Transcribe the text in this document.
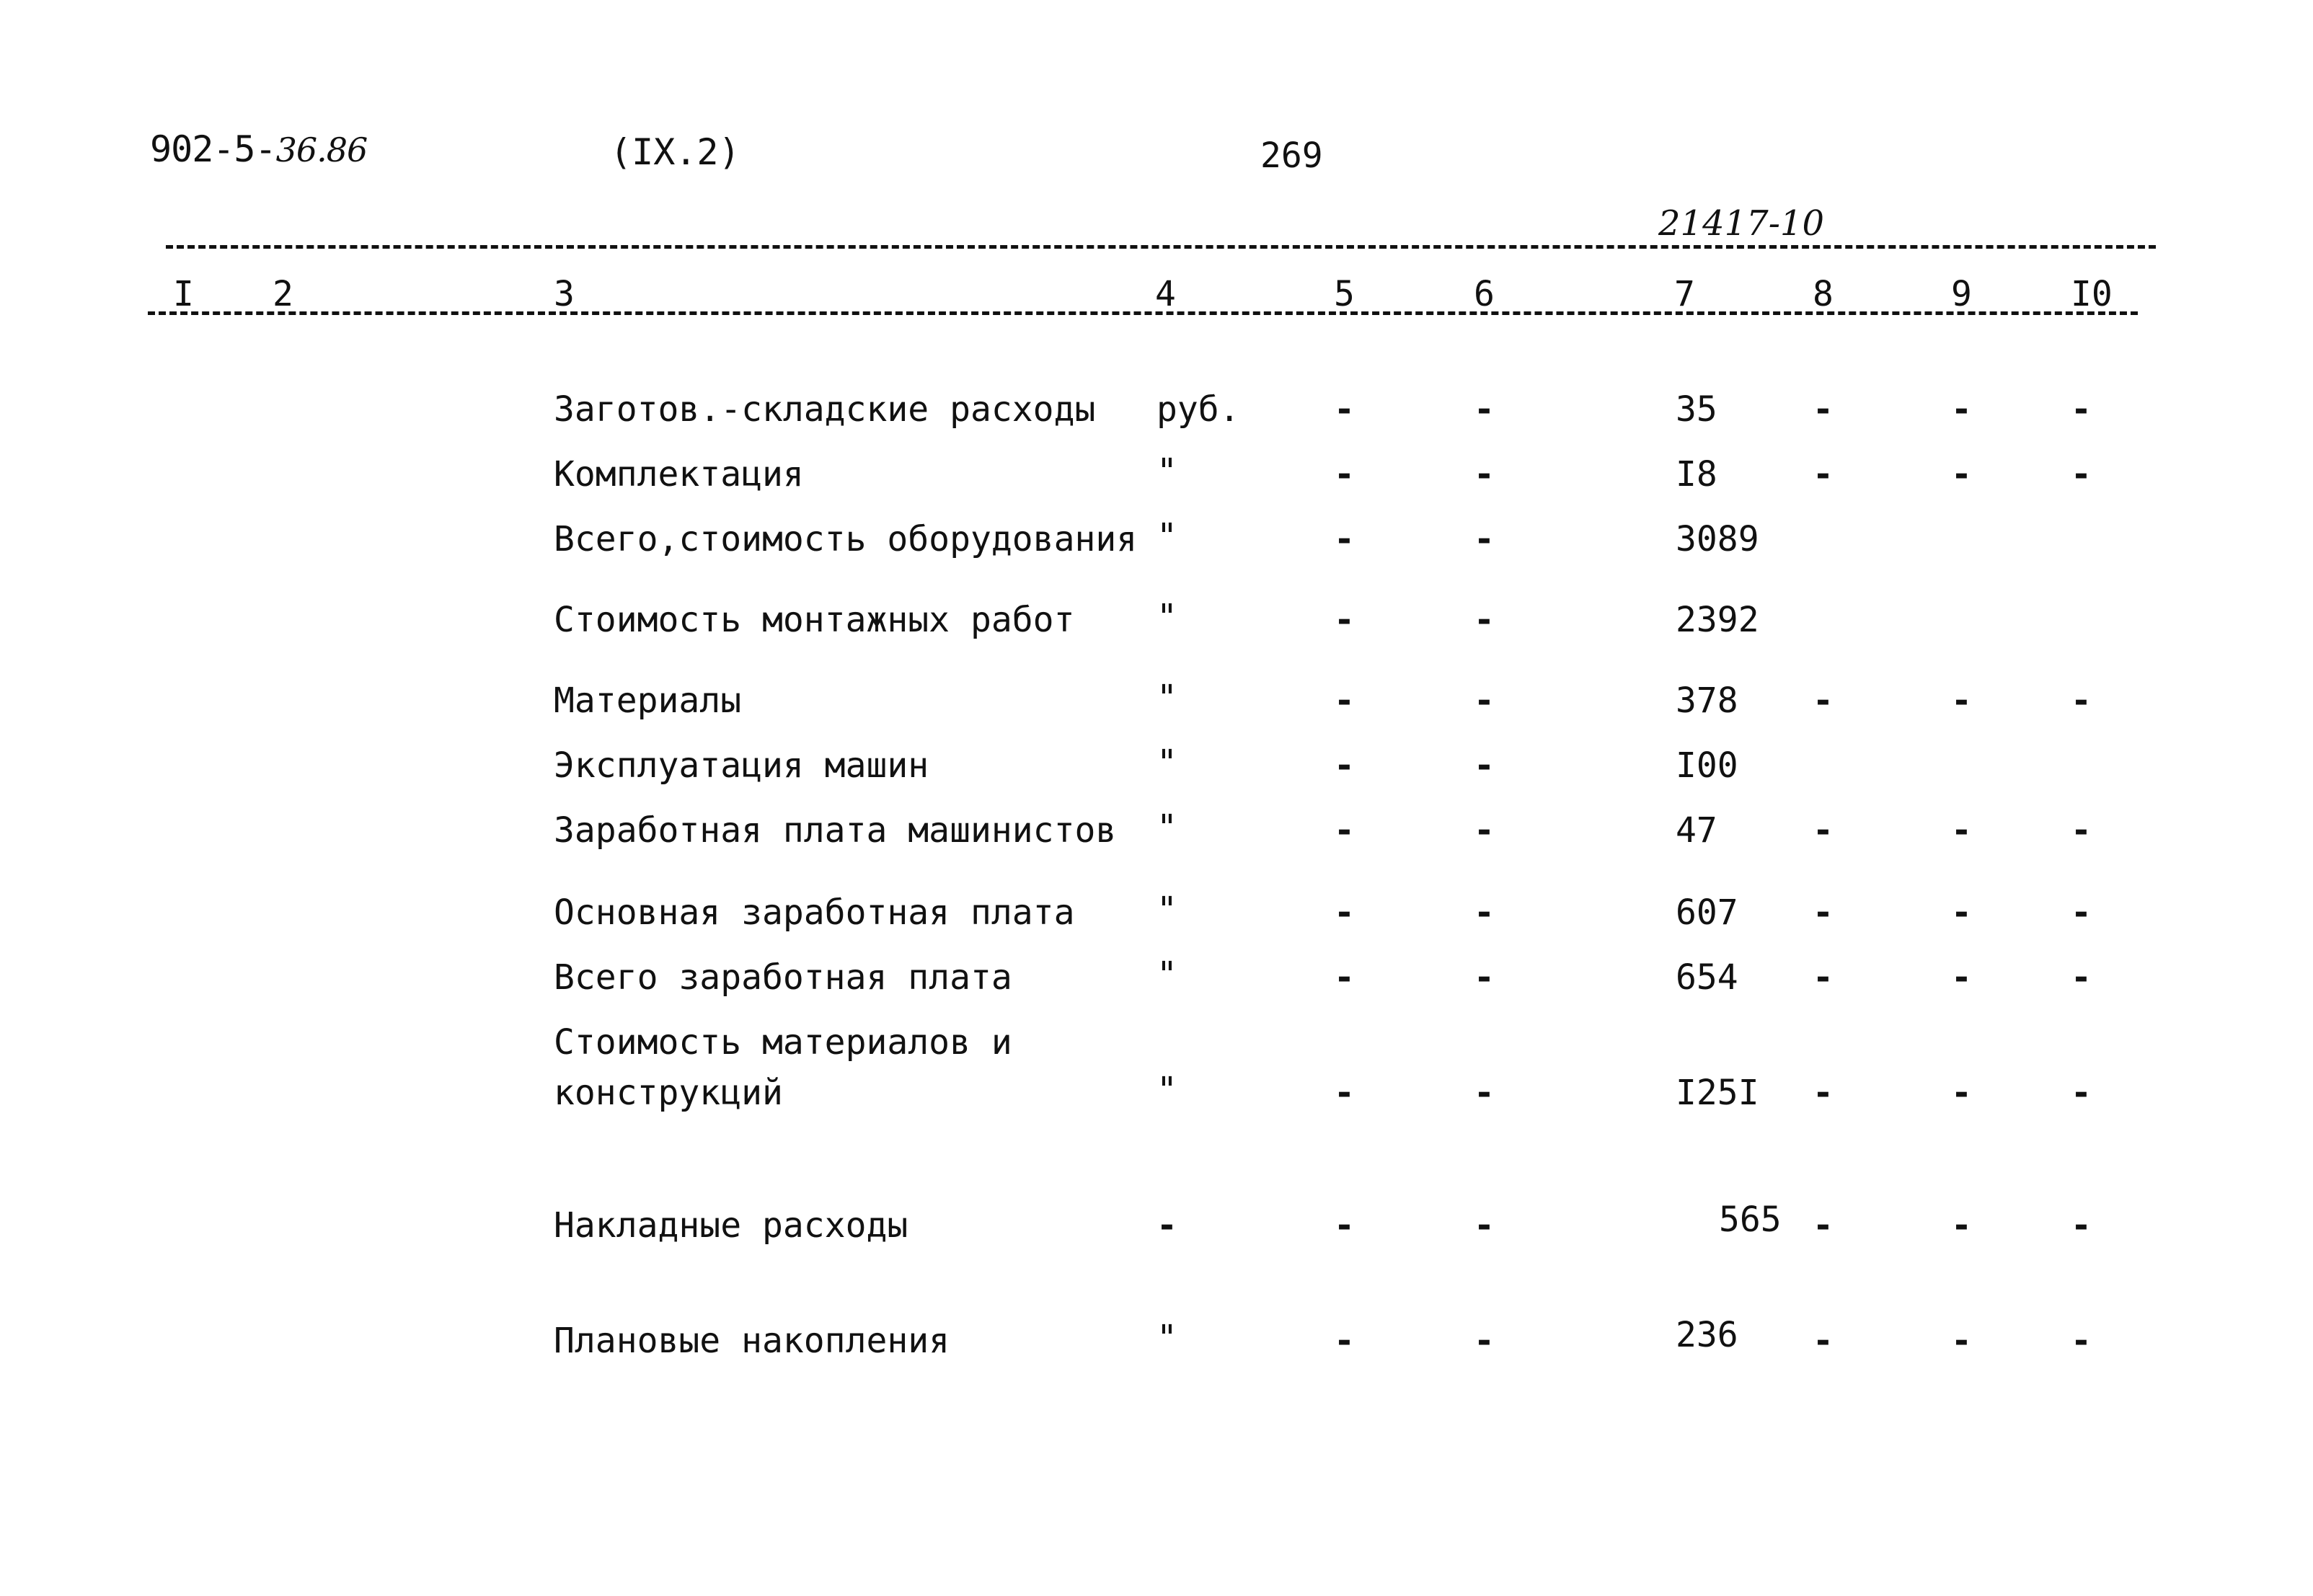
902-5-36.86	(IX.2)	269
21417-10
I 2	3	4	5	6	7	8	9	I0
Заготов.-складские расходы руб.	-	-	35	-	-	-
Комплектация	"	-	-	I8	-	-	-
Всего,стоимость оборудования "	-	-	3089
Стоимость монтажных работ "	-	-	2392
Материалы	"	-	-	378 -	-	-
Эксплуатация машин	"	-	-	I00
Заработная плата машинистов "	-	-	47	-	-	-
Основная заработная плата "	-	-	607 -	-	-
Всего заработная плата	"	-	-	654 -	-	-
Стоимость материалов и
конструкций	"	-	-	I25I -	-	-
Накладные расходы	-	-	-	565 -	-	-
Плановые накопления	"	-	-	236 -	-	-
